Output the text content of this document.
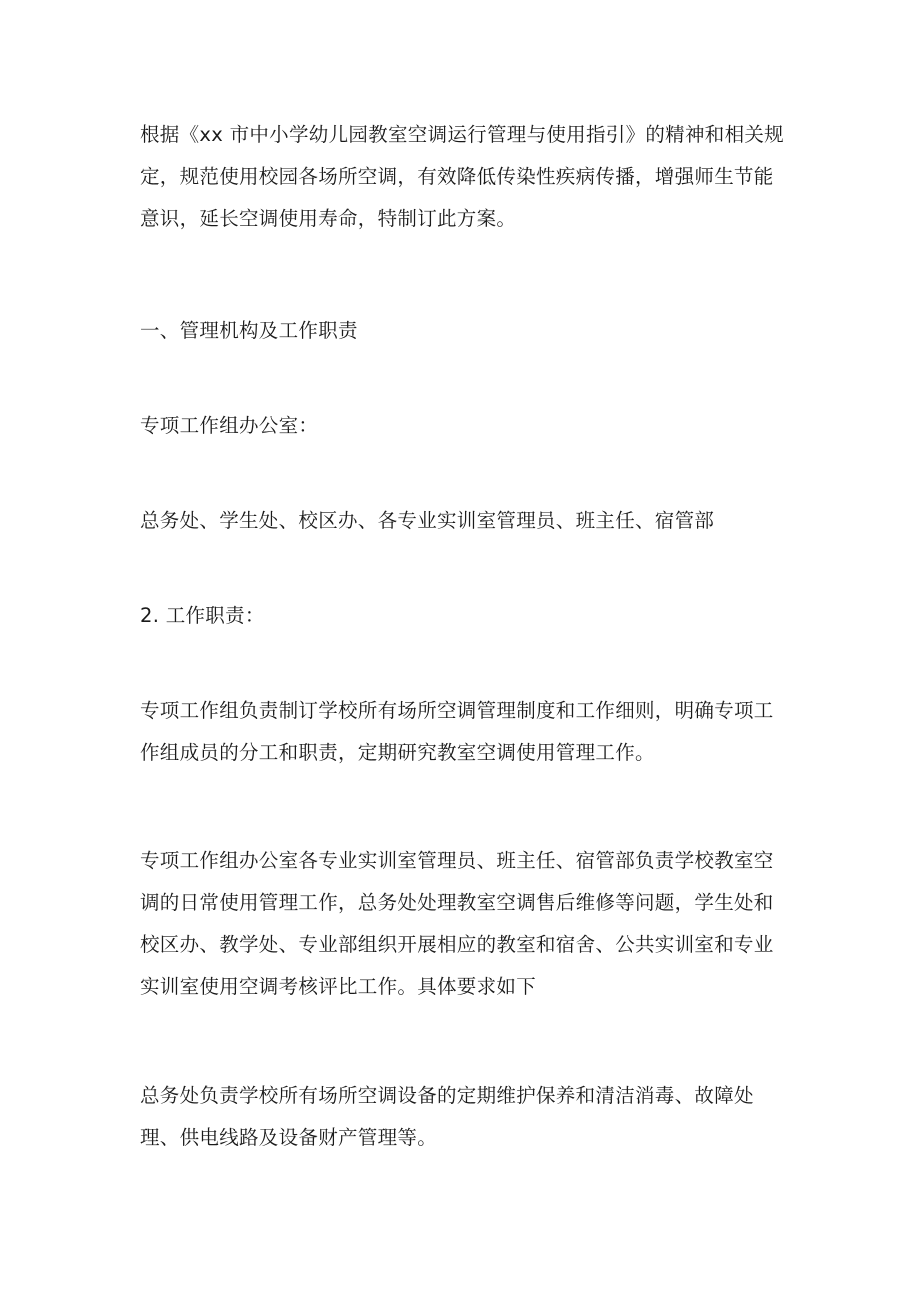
根据《xx 市中小学幼儿园教室空调运行管理与使用指引》的精神和相关规定，规范使用校园各场所空调，有效降低传染性疾病传播，增强师生节能意识，延长空调使用寿命，特制订此方案。

一、管理机构及工作职责

专项工作组办公室：

总务处、学生处、校区办、各专业实训室管理员、班主任、宿管部

2. 工作职责：

专项工作组负责制订学校所有场所空调管理制度和工作细则，明确专项工作组成员的分工和职责，定期研究教室空调使用管理工作。

专项工作组办公室各专业实训室管理员、班主任、宿管部负责学校教室空调的日常使用管理工作，总务处处理教室空调售后维修等问题，学生处和校区办、教学处、专业部组织开展相应的教室和宿舍、公共实训室和专业实训室使用空调考核评比工作。具体要求如下

总务处负责学校所有场所空调设备的定期维护保养和清洁消毒、故障处理、供电线路及设备财产管理等。
